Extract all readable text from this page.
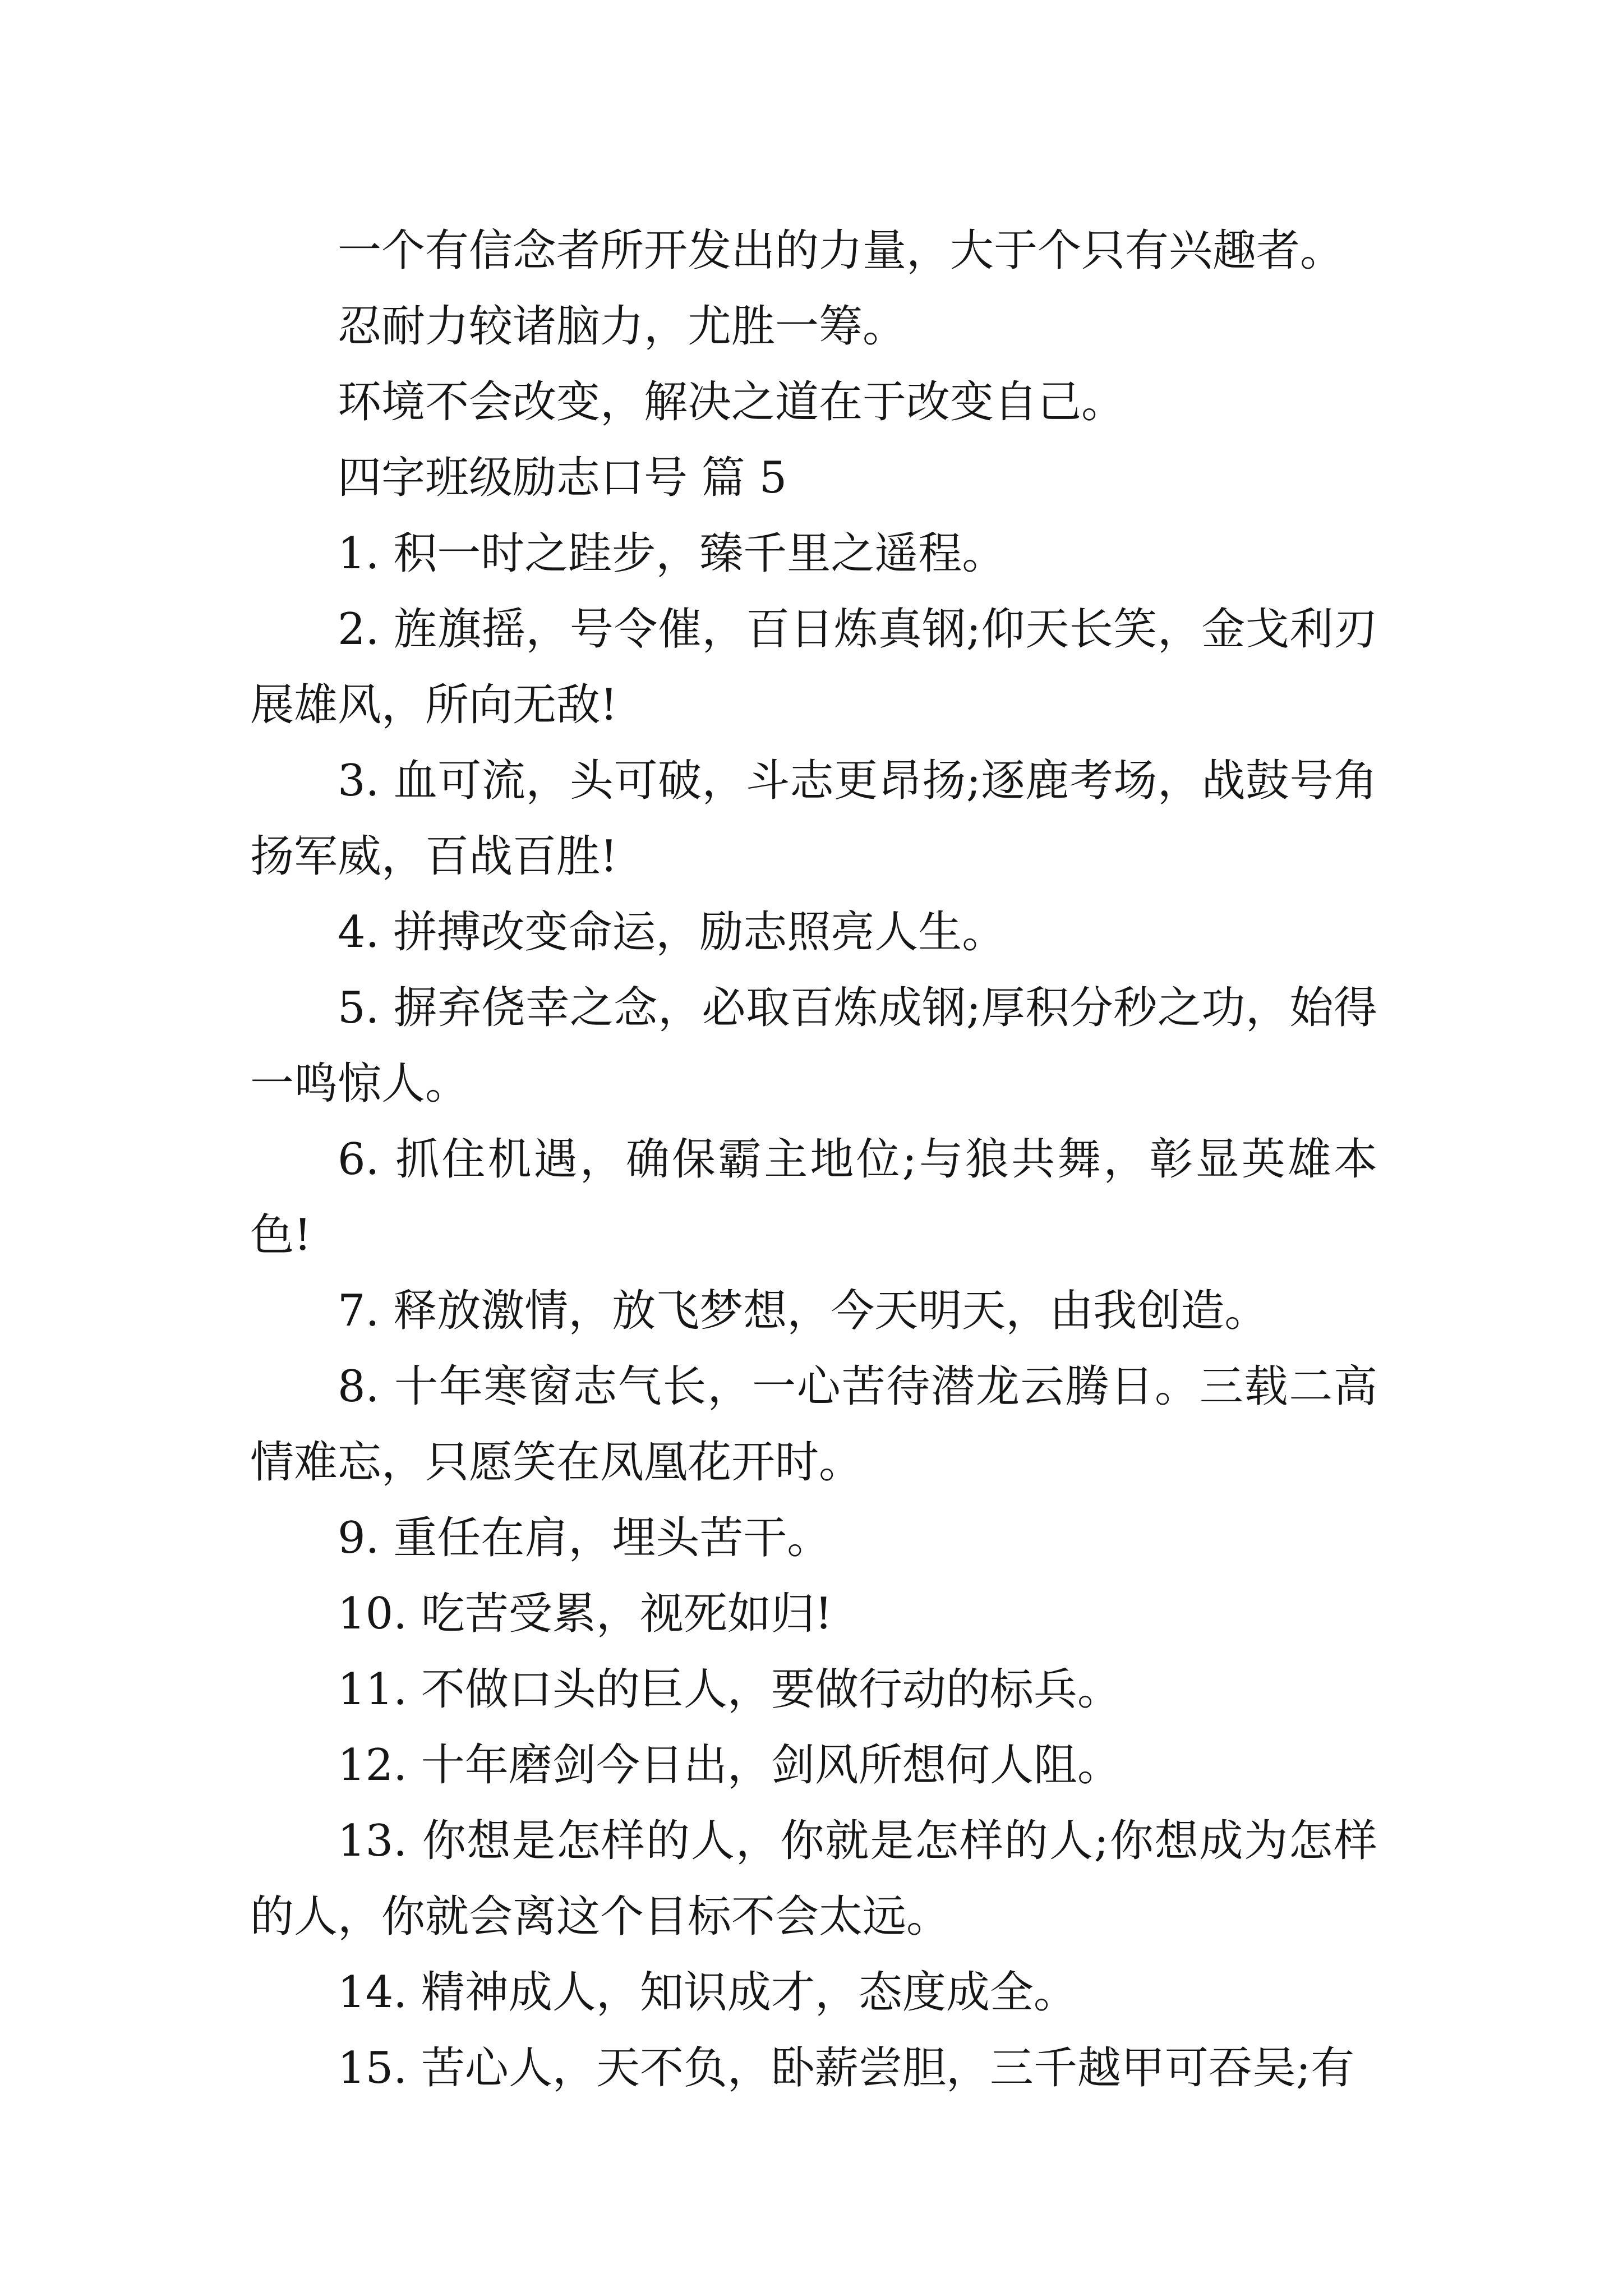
一个有信念者所开发出的力量，大于个只有兴趣者。

忍耐力较诸脑力，尤胜一筹。

环境不会改变，解决之道在于改变自己。

四字班级励志口号 篇 5

1. 积一时之跬步，臻千里之遥程。

2. 旌旗摇，号令催，百日炼真钢;仰天长笑，金戈利刃展雄风，所向无敌!

3. 血可流，头可破，斗志更昂扬;逐鹿考场，战鼓号角扬军威，百战百胜!

4. 拼搏改变命运，励志照亮人生。

5. 摒弃侥幸之念，必取百炼成钢;厚积分秒之功，始得一鸣惊人。

6. 抓住机遇，确保霸主地位;与狼共舞，彰显英雄本色!

7. 释放激情，放飞梦想，今天明天，由我创造。

8. 十年寒窗志气长，一心苦待潜龙云腾日。三载二高情难忘，只愿笑在凤凰花开时。

9. 重任在肩，埋头苦干。

10. 吃苦受累，视死如归!

11. 不做口头的巨人，要做行动的标兵。

12. 十年磨剑今日出，剑风所想何人阻。

13. 你想是怎样的人，你就是怎样的人;你想成为怎样的人，你就会离这个目标不会太远。

14. 精神成人，知识成才，态度成全。

15. 苦心人，天不负，卧薪尝胆，三千越甲可吞吴;有
